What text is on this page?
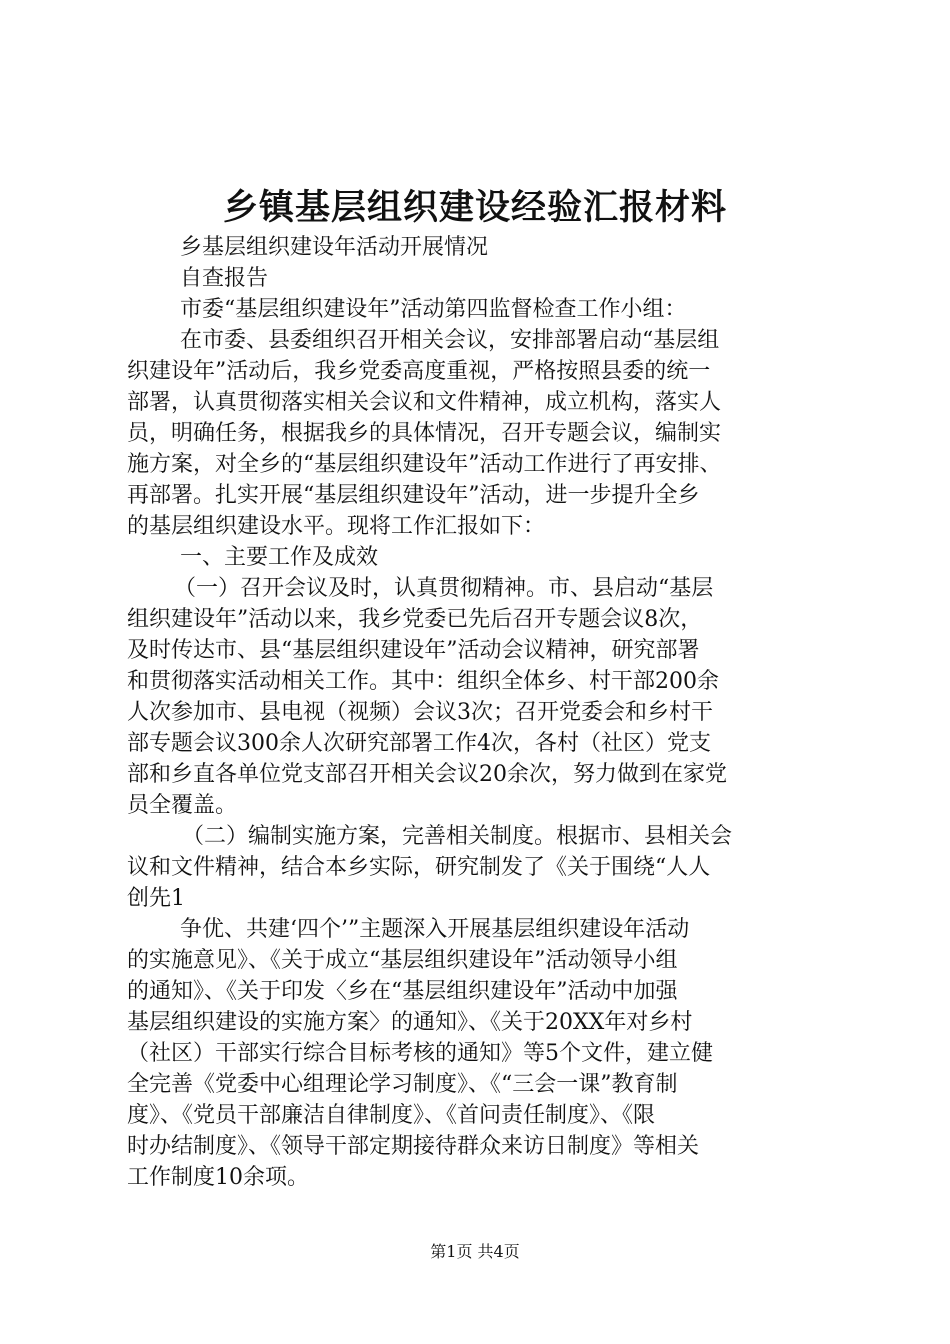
乡镇基层组织建设经验汇报材料
乡基层组织建设年活动开展情况
自查报告
市委“基层组织建设年”活动第四监督检查工作小组：
在市委、县委组织召开相关会议，安排部署启动“基层组
织建设年”活动后，我乡党委高度重视，严格按照县委的统一
部署，认真贯彻落实相关会议和文件精神，成立机构，落实人
员，明确任务，根据我乡的具体情况，召开专题会议，编制实
施方案，对全乡的“基层组织建设年”活动工作进行了再安排、
再部署。扎实开展“基层组织建设年”活动，进一步提升全乡
的基层组织建设水平。现将工作汇报如下：
一、主要工作及成效
（一）召开会议及时，认真贯彻精神。市、县启动“基层
组织建设年”活动以来，我乡党委已先后召开专题会议8次，
及时传达市、县“基层组织建设年”活动会议精神，研究部署
和贯彻落实活动相关工作。其中：组织全体乡、村干部200余
人次参加市、县电视（视频）会议3次；召开党委会和乡村干
部专题会议300余人次研究部署工作4次，各村（社区）党支
部和乡直各单位党支部召开相关会议20余次，努力做到在家党
员全覆盖。
（二）编制实施方案，完善相关制度。根据市、县相关会
议和文件精神，结合本乡实际，研究制发了《关于围绕“人人
创先1
争优、共建‘四个’”主题深入开展基层组织建设年活动
的实施意见》、《关于成立“基层组织建设年”活动领导小组
的通知》、《关于印发〈乡在“基层组织建设年”活动中加强
基层组织建设的实施方案〉的通知》、《关于20XX年对乡村
（社区）干部实行综合目标考核的通知》等5个文件，建立健
全完善《党委中心组理论学习制度》、《“三会一课”教育制
度》、《党员干部廉洁自律制度》、《首问责任制度》、《限
时办结制度》、《领导干部定期接待群众来访日制度》等相关
工作制度10余项。
第1页 共4页
